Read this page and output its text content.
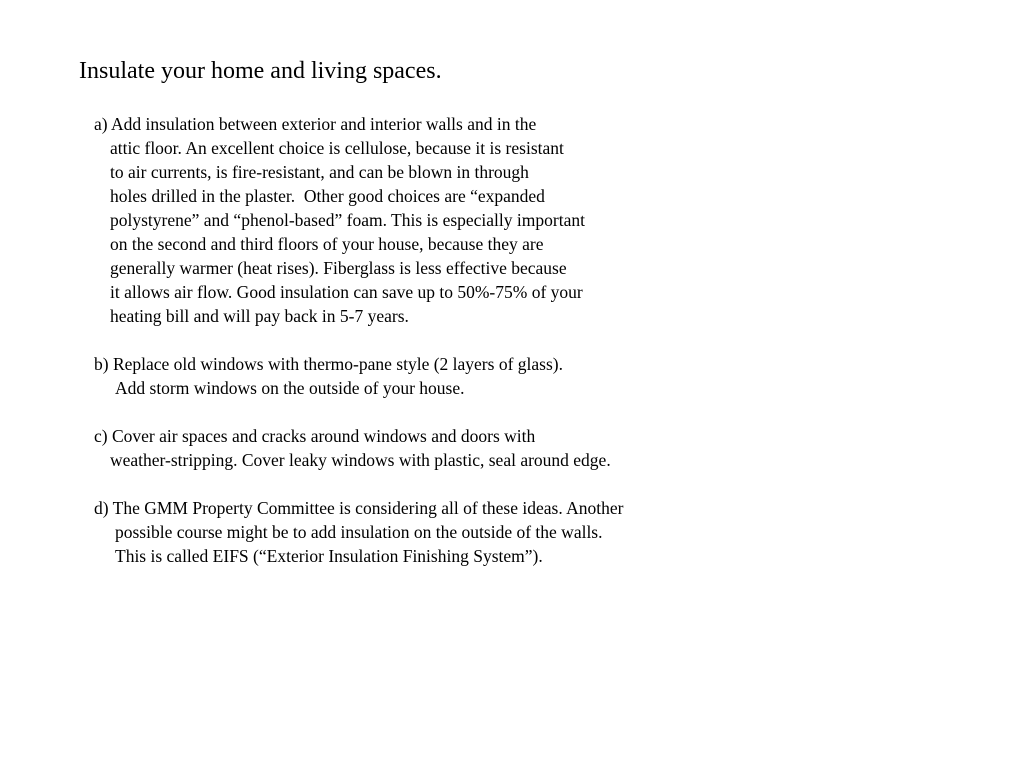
Insulate your home and living spaces.
a) Add insulation between exterior and interior walls and in the
attic floor. An excellent choice is cellulose, because it is resistant
to air currents, is fire-resistant, and can be blown in through
holes drilled in the plaster.  Other good choices are “expanded
polystyrene” and “phenol-based” foam. This is especially important
on the second and third floors of your house, because they are
generally warmer (heat rises). Fiberglass is less effective because
it allows air flow. Good insulation can save up to 50%-75% of your
heating bill and will pay back in 5-7 years.
b) Replace old windows with thermo-pane style (2 layers of glass).
Add storm windows on the outside of your house.
c) Cover air spaces and cracks around windows and doors with
weather-stripping. Cover leaky windows with plastic, seal around edge.
d) The GMM Property Committee is considering all of these ideas. Another
possible course might be to add insulation on the outside of the walls.
This is called EIFS (“Exterior Insulation Finishing System”).
